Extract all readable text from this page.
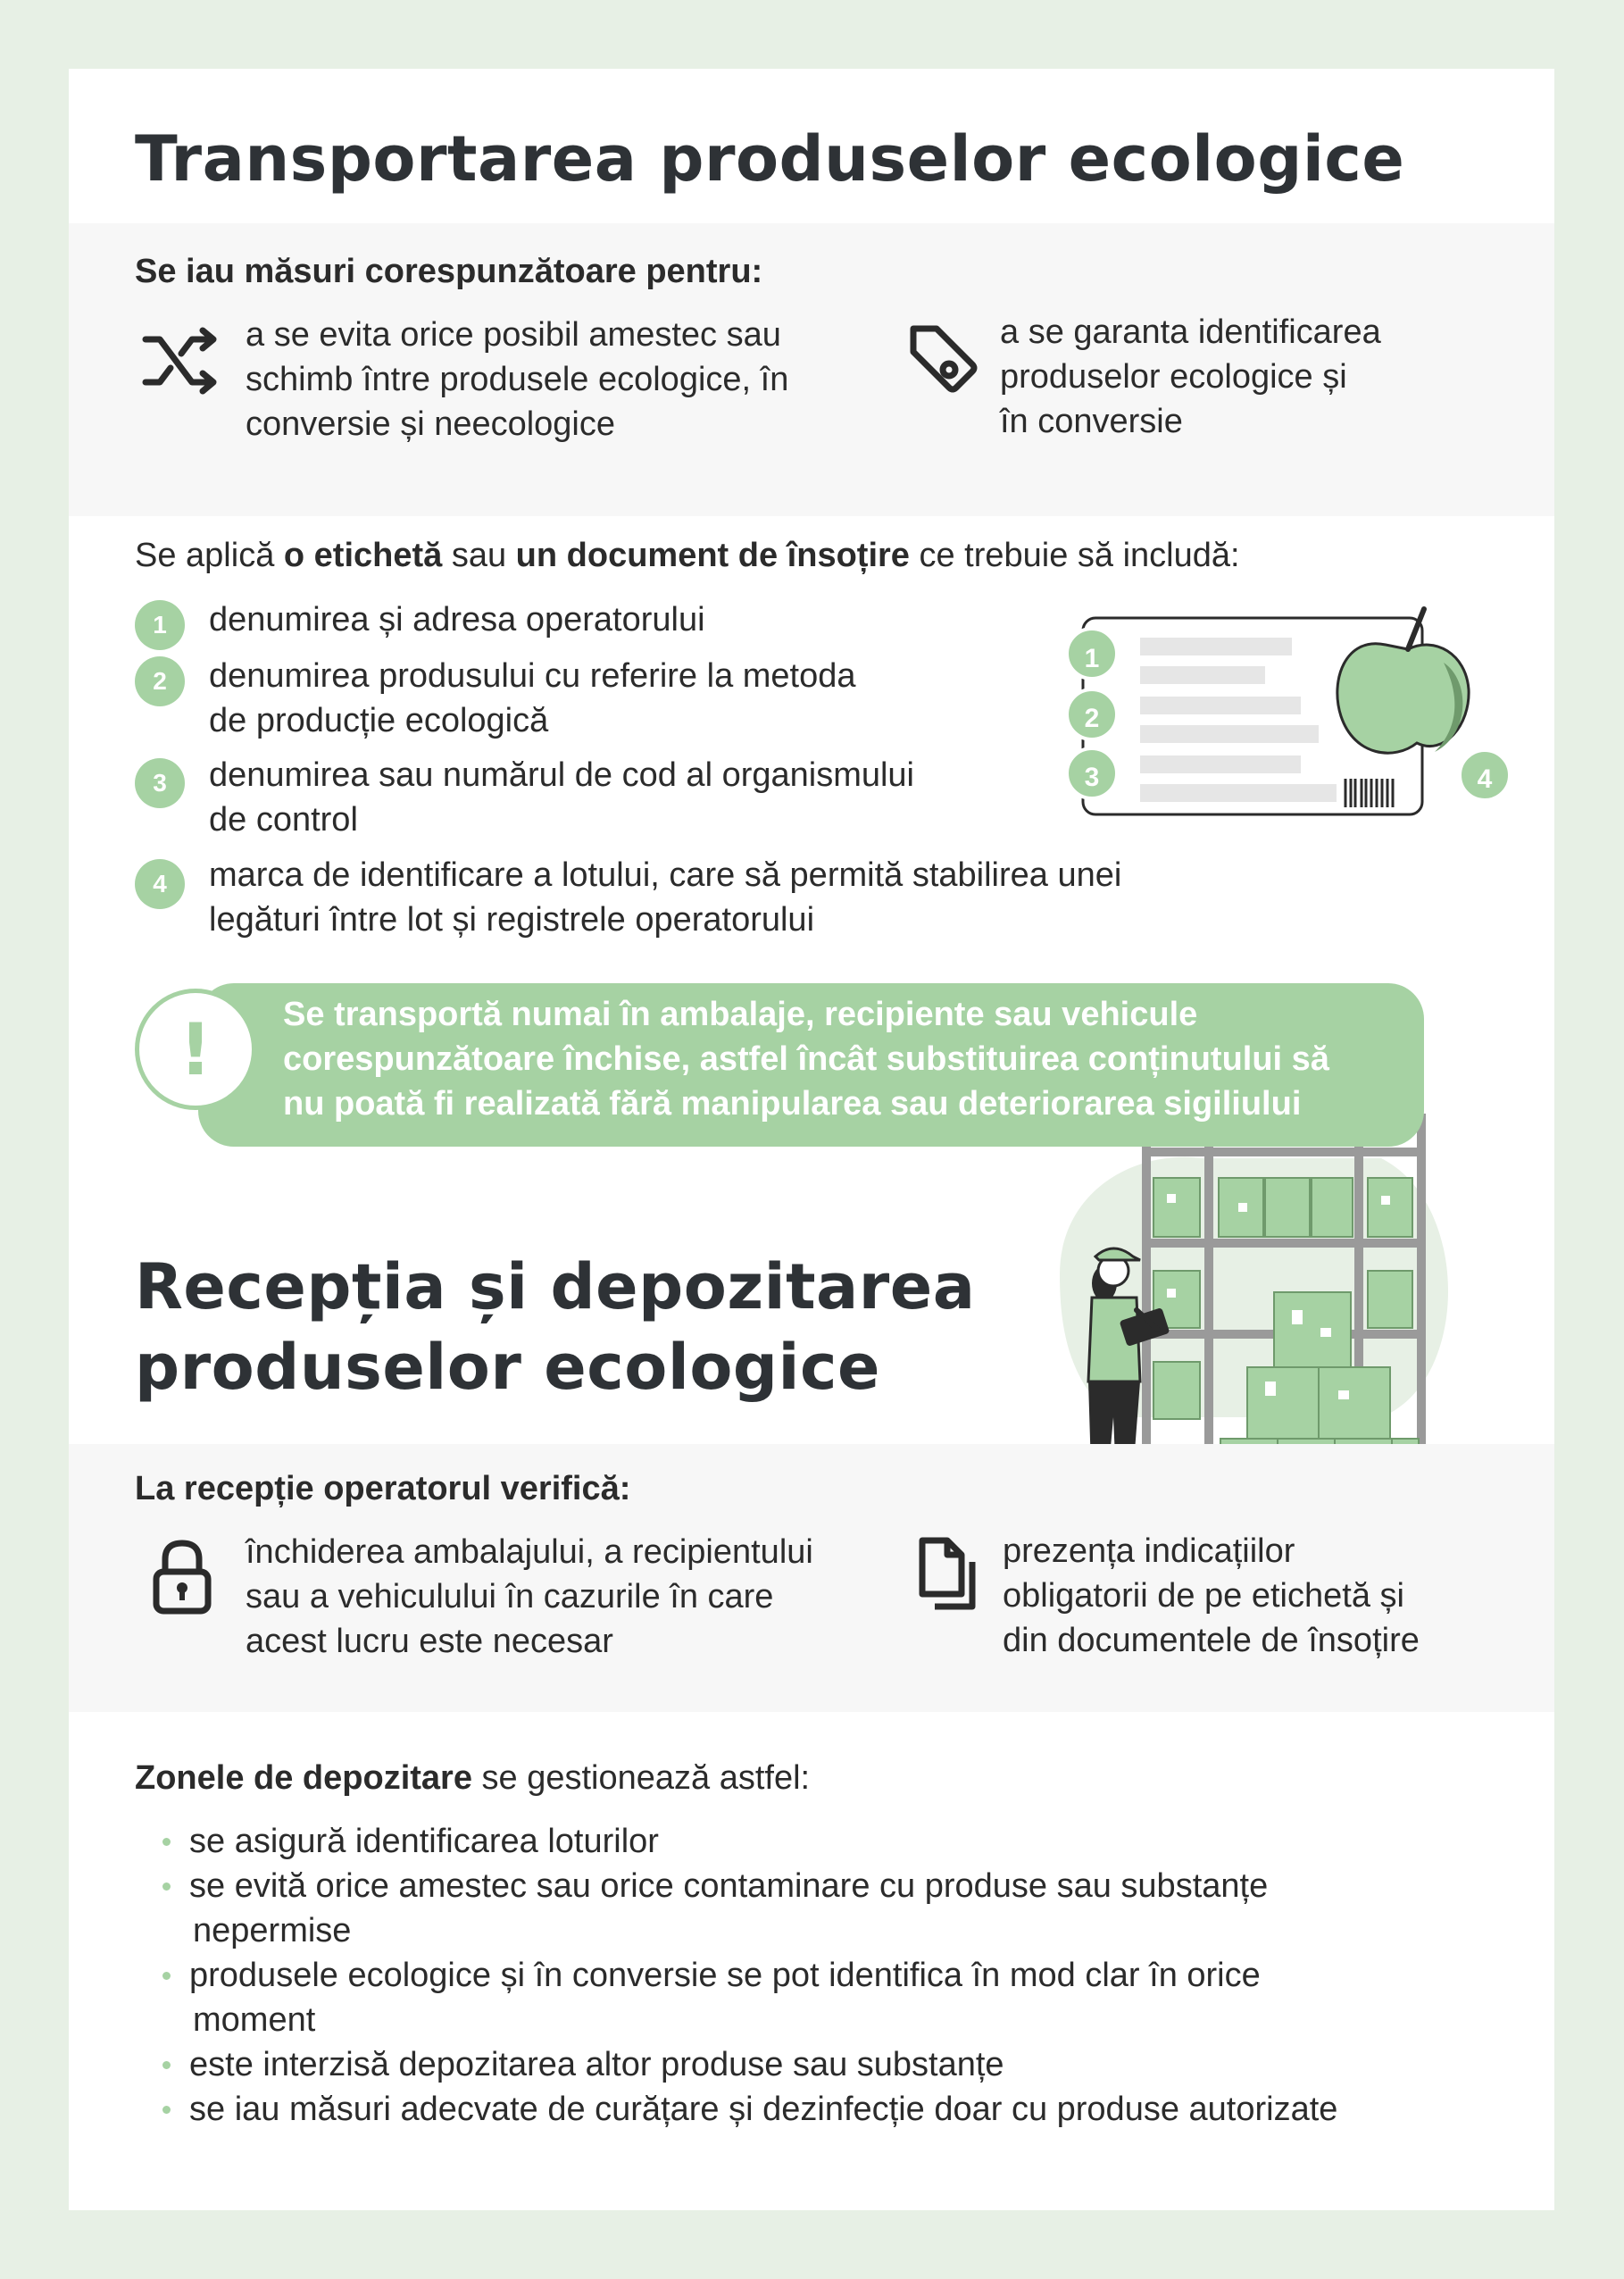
Transportarea produselor ecologice
Se iau măsuri corespunzătoare pentru:
a se evita orice posibil amestec sau
schimb între produsele ecologice, în
conversie și neecologice
a se garanta identificarea
produselor ecologice și
în conversie
Se aplică o etichetă sau un document de însoțire ce trebuie să includă:
1	denumirea și adresa operatorului
2	denumirea produsului cu referire la metoda
de producție ecologică
3	denumirea sau numărul de cod al organismului
de control
4	marca de identificare a lotului, care să permită stabilirea unei
legături între lot și registrele operatorului
1
2
3	4
! Se transportă numai în ambalaje, recipiente sau vehicule
corespunzătoare închise, astfel încât substituirea conținutului să
nu poată fi realizată fără manipularea sau deteriorarea sigiliului
Recepția și depozitarea
produselor ecologice
La recepție operatorul verifică:
închiderea ambalajului, a recipientului
sau a vehiculului în cazurile în care
acest lucru este necesar
prezența indicațiilor
obligatorii de pe etichetă și
din documentele de însoțire
Zonele de depozitare se gestionează astfel:
se asigură identificarea loturilor
se evită orice amestec sau orice contaminare cu produse sau substanțe
nepermise
produsele ecologice și în conversie se pot identifica în mod clar în orice
moment
este interzisă depozitarea altor produse sau substanțe
se iau măsuri adecvate de curățare și dezinfecție doar cu produse autorizate
